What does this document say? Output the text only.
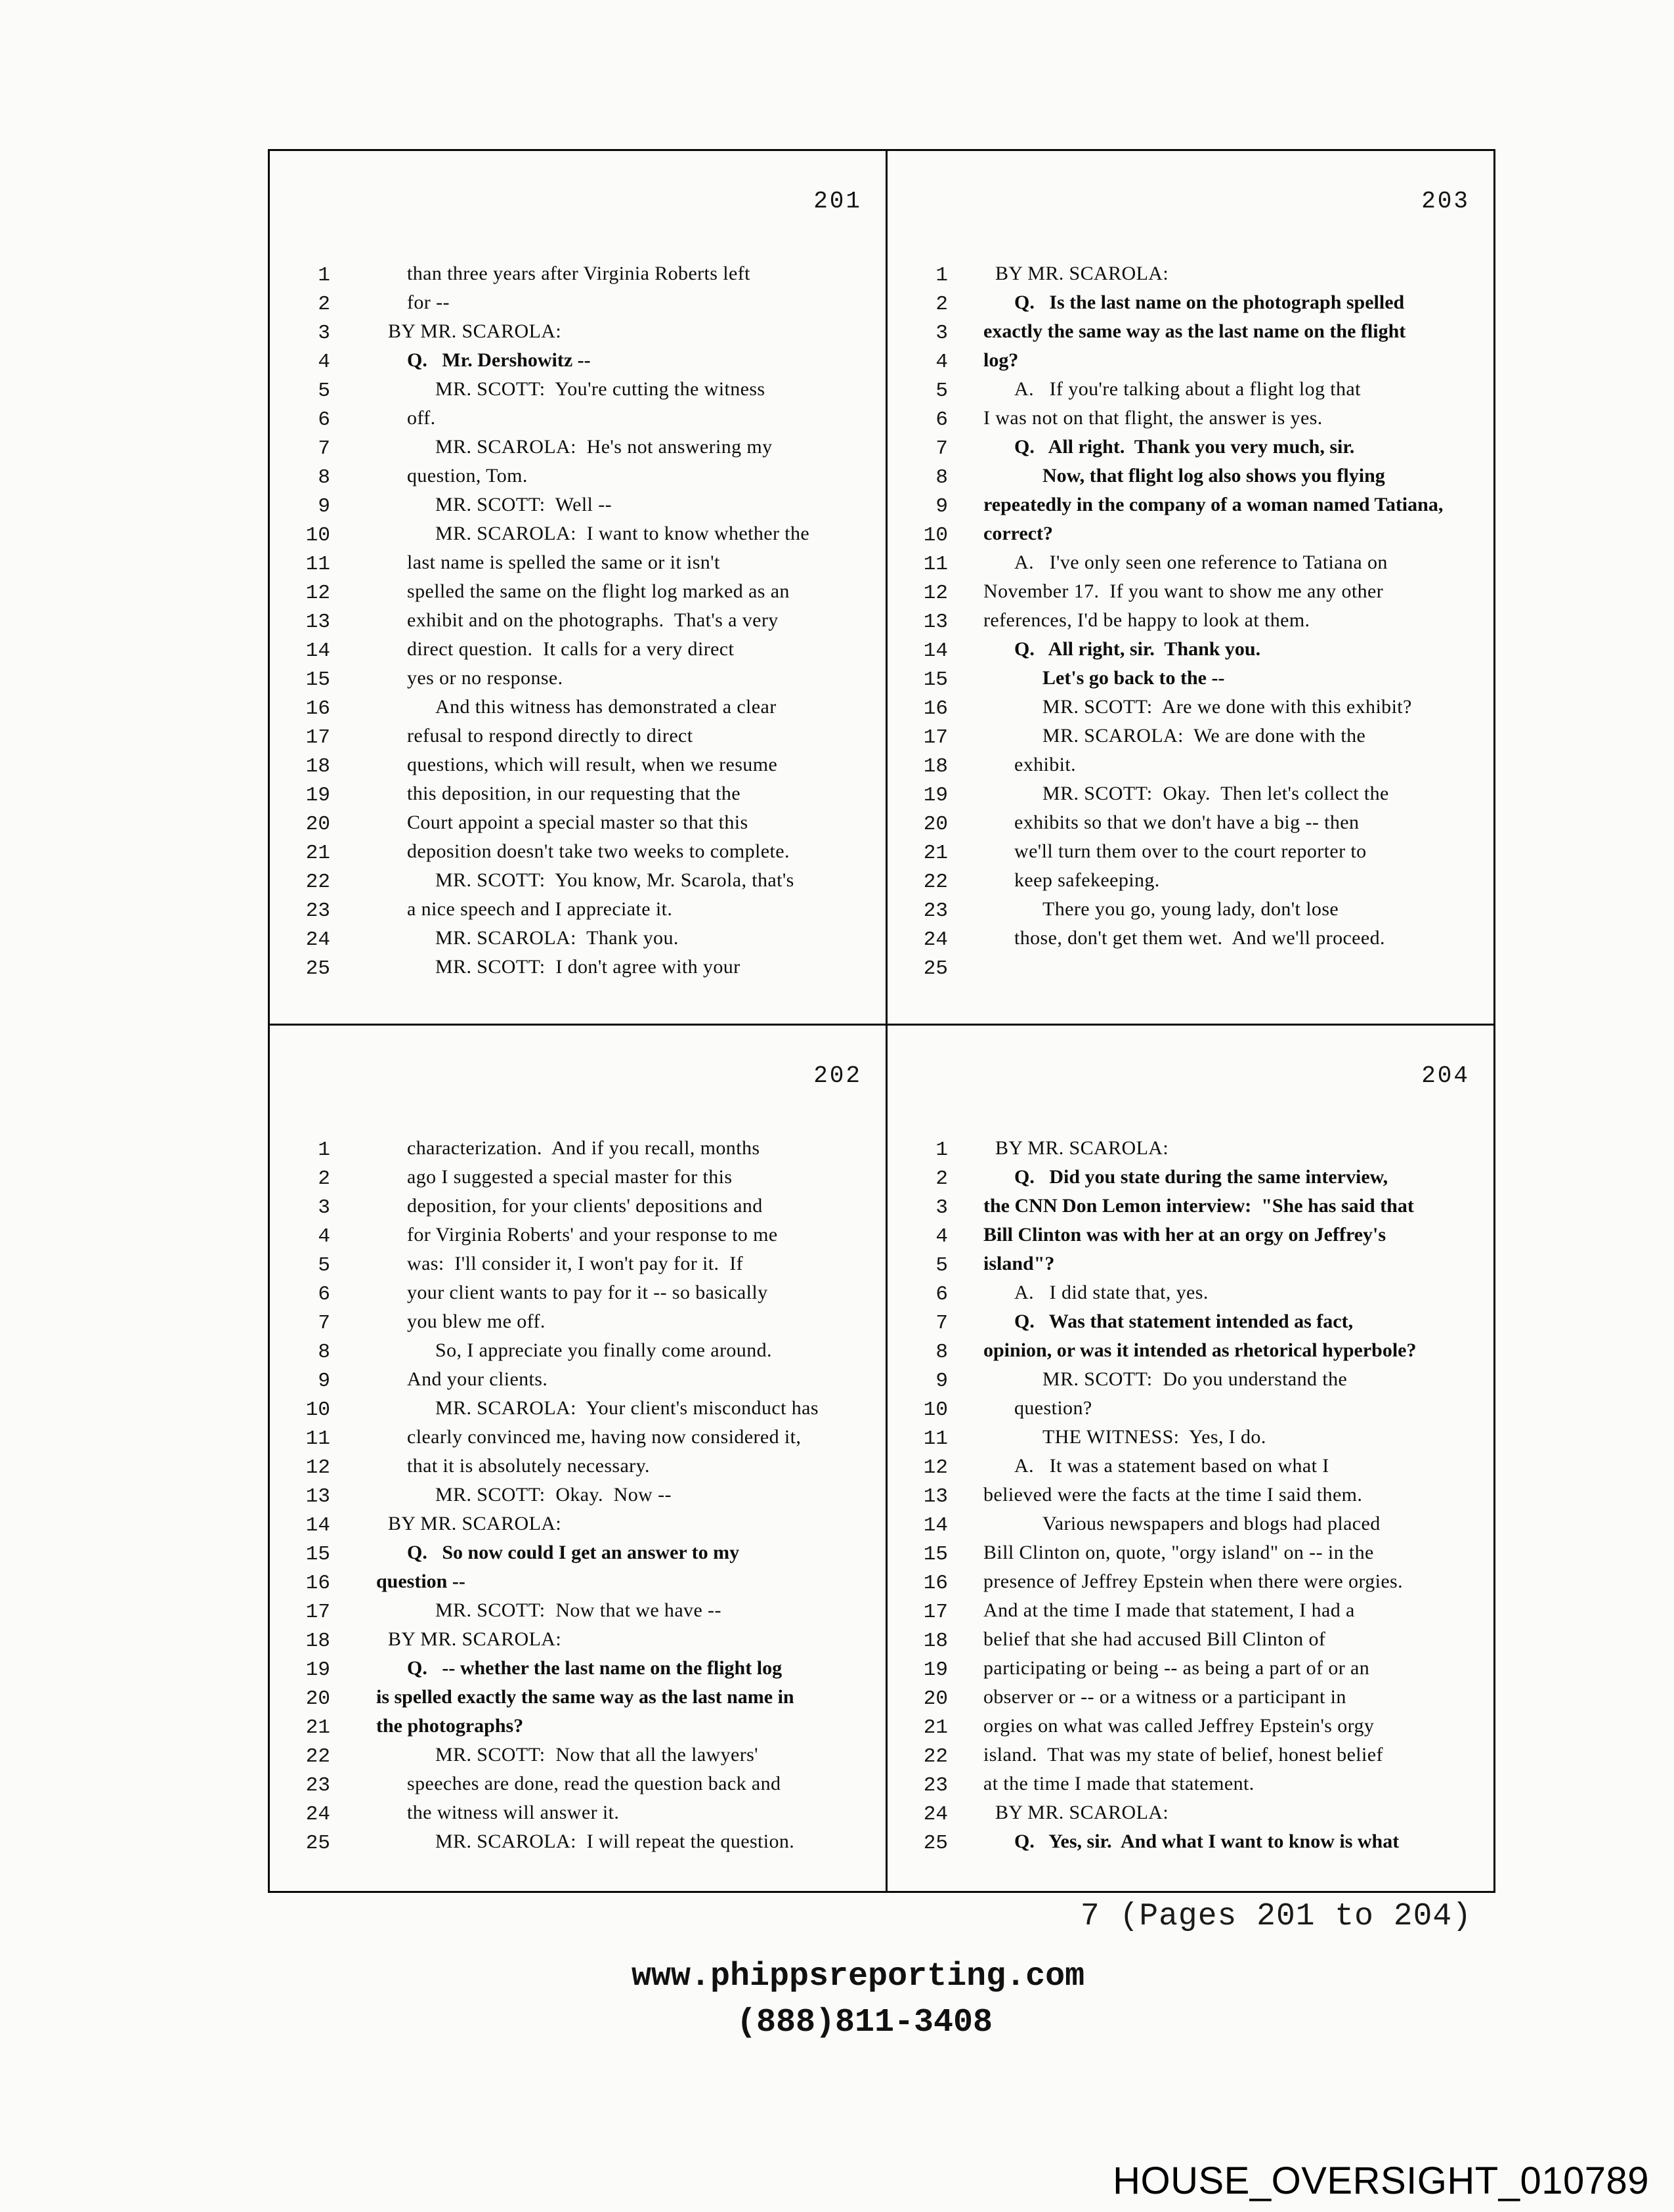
201
1	than three years after Virginia Roberts left
2	for --
3	BY MR. SCAROLA:
4	Q.   Mr. Dershowitz --
5	MR. SCOTT:  You're cutting the witness
6	off.
7	MR. SCAROLA:  He's not answering my
8	question, Tom.
9	MR. SCOTT:  Well --
10	MR. SCAROLA:  I want to know whether the
11	last name is spelled the same or it isn't
12	spelled the same on the flight log marked as an
13	exhibit and on the photographs.  That's a very
14	direct question.  It calls for a very direct
15	yes or no response.
16	And this witness has demonstrated a clear
17	refusal to respond directly to direct
18	questions, which will result, when we resume
19	this deposition, in our requesting that the
20	Court appoint a special master so that this
21	deposition doesn't take two weeks to complete.
22	MR. SCOTT:  You know, Mr. Scarola, that's
23	a nice speech and I appreciate it.
24	MR. SCAROLA:  Thank you.
25	MR. SCOTT:  I don't agree with your
203
1 BY MR. SCAROLA:
2	Q.   Is the last name on the photograph spelled
3 exactly the same way as the last name on the flight
4 log?
5	A.   If you're talking about a flight log that
6 I was not on that flight, the answer is yes.
7	Q.   All right.  Thank you very much, sir.
8	Now, that flight log also shows you flying
9 repeatedly in the company of a woman named Tatiana,
10 correct?
11	A.   I've only seen one reference to Tatiana on
12 November 17.  If you want to show me any other
13 references, I'd be happy to look at them.
14	Q.   All right, sir.  Thank you.
15	Let's go back to the --
16	MR. SCOTT:  Are we done with this exhibit?
17	MR. SCAROLA:  We are done with the
18	exhibit.
19	MR. SCOTT:  Okay.  Then let's collect the
20	exhibits so that we don't have a big -- then
21	we'll turn them over to the court reporter to
22	keep safekeeping.
23	There you go, young lady, don't lose
24	those, don't get them wet.  And we'll proceed.
25
202
1	characterization.  And if you recall, months
2	ago I suggested a special master for this
3	deposition, for your clients' depositions and
4	for Virginia Roberts' and your response to me
5	was:  I'll consider it, I won't pay for it.  If
6	your client wants to pay for it -- so basically
7	you blew me off.
8	So, I appreciate you finally come around.
9	And your clients.
10	MR. SCAROLA:  Your client's misconduct has
11	clearly convinced me, having now considered it,
12	that it is absolutely necessary.
13	MR. SCOTT:  Okay.  Now --
14	BY MR. SCAROLA:
15	Q.   So now could I get an answer to my
16 question --
17	MR. SCOTT:  Now that we have --
18	BY MR. SCAROLA:
19	Q.   -- whether the last name on the flight log
20 is spelled exactly the same way as the last name in
21 the photographs?
22	MR. SCOTT:  Now that all the lawyers'
23	speeches are done, read the question back and
24	the witness will answer it.
25	MR. SCAROLA:  I will repeat the question.
204
1 BY MR. SCAROLA:
2	Q.   Did you state during the same interview,
3 the CNN Don Lemon interview:  "She has said that
4 Bill Clinton was with her at an orgy on Jeffrey's
5 island"?
6	A.   I did state that, yes.
7	Q.   Was that statement intended as fact,
8 opinion, or was it intended as rhetorical hyperbole?
9	MR. SCOTT:  Do you understand the
10	question?
11	THE WITNESS:  Yes, I do.
12	A.   It was a statement based on what I
13 believed were the facts at the time I said them.
14	Various newspapers and blogs had placed
15 Bill Clinton on, quote, "orgy island" on -- in the
16 presence of Jeffrey Epstein when there were orgies.
17 And at the time I made that statement, I had a
18 belief that she had accused Bill Clinton of
19 participating or being -- as being a part of or an
20 observer or -- or a witness or a participant in
21 orgies on what was called Jeffrey Epstein's orgy
22 island.  That was my state of belief, honest belief
23 at the time I made that statement.
24 BY MR. SCAROLA:
25	Q.   Yes, sir.  And what I want to know is what
7 (Pages 201 to 204)
www.phippsreporting.com
(888)811-3408
HOUSE_OVERSIGHT_010789
